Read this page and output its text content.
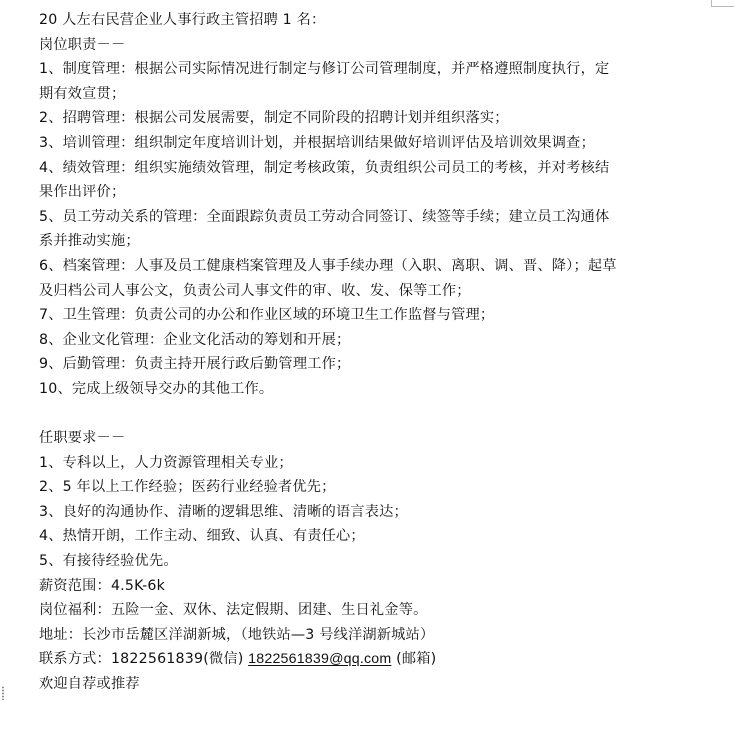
20 人左右民营企业人事行政主管招聘 1 名：
岗位职责－－
1、制度管理：根据公司实际情况进行制定与修订公司管理制度，并严格遵照制度执行，定
期有效宣贯；
2、招聘管理：根据公司发展需要，制定不同阶段的招聘计划并组织落实；
3、培训管理：组织制定年度培训计划，并根据培训结果做好培训评估及培训效果调查；
4、绩效管理：组织实施绩效管理，制定考核政策，负责组织公司员工的考核，并对考核结
果作出评价；
5、员工劳动关系的管理：全面跟踪负责员工劳动合同签订、续签等手续；建立员工沟通体
系并推动实施；
6、档案管理：人事及员工健康档案管理及人事手续办理（入职、离职、调、晋、降）；起草
及归档公司人事公文，负责公司人事文件的审、收、发、保等工作；
7、卫生管理：负责公司的办公和作业区域的环境卫生工作监督与管理；
8、企业文化管理：企业文化活动的筹划和开展；
9、后勤管理：负责主持开展行政后勤管理工作；
10、完成上级领导交办的其他工作。
任职要求－－
1、专科以上，人力资源管理相关专业；
2、5 年以上工作经验；医药行业经验者优先；
3、良好的沟通协作、清晰的逻辑思维、清晰的语言表达；
4、热情开朗，工作主动、细致、认真、有责任心；
5、有接待经验优先。
薪资范围：4.5K-6k
岗位福利：五险一金、双休、法定假期、团建、生日礼金等。
地址：长沙市岳麓区洋湖新城，（地铁站—3 号线洋湖新城站）
联系方式：1822561839(微信) 1822561839@qq.com (邮箱)
欢迎自荐或推荐
